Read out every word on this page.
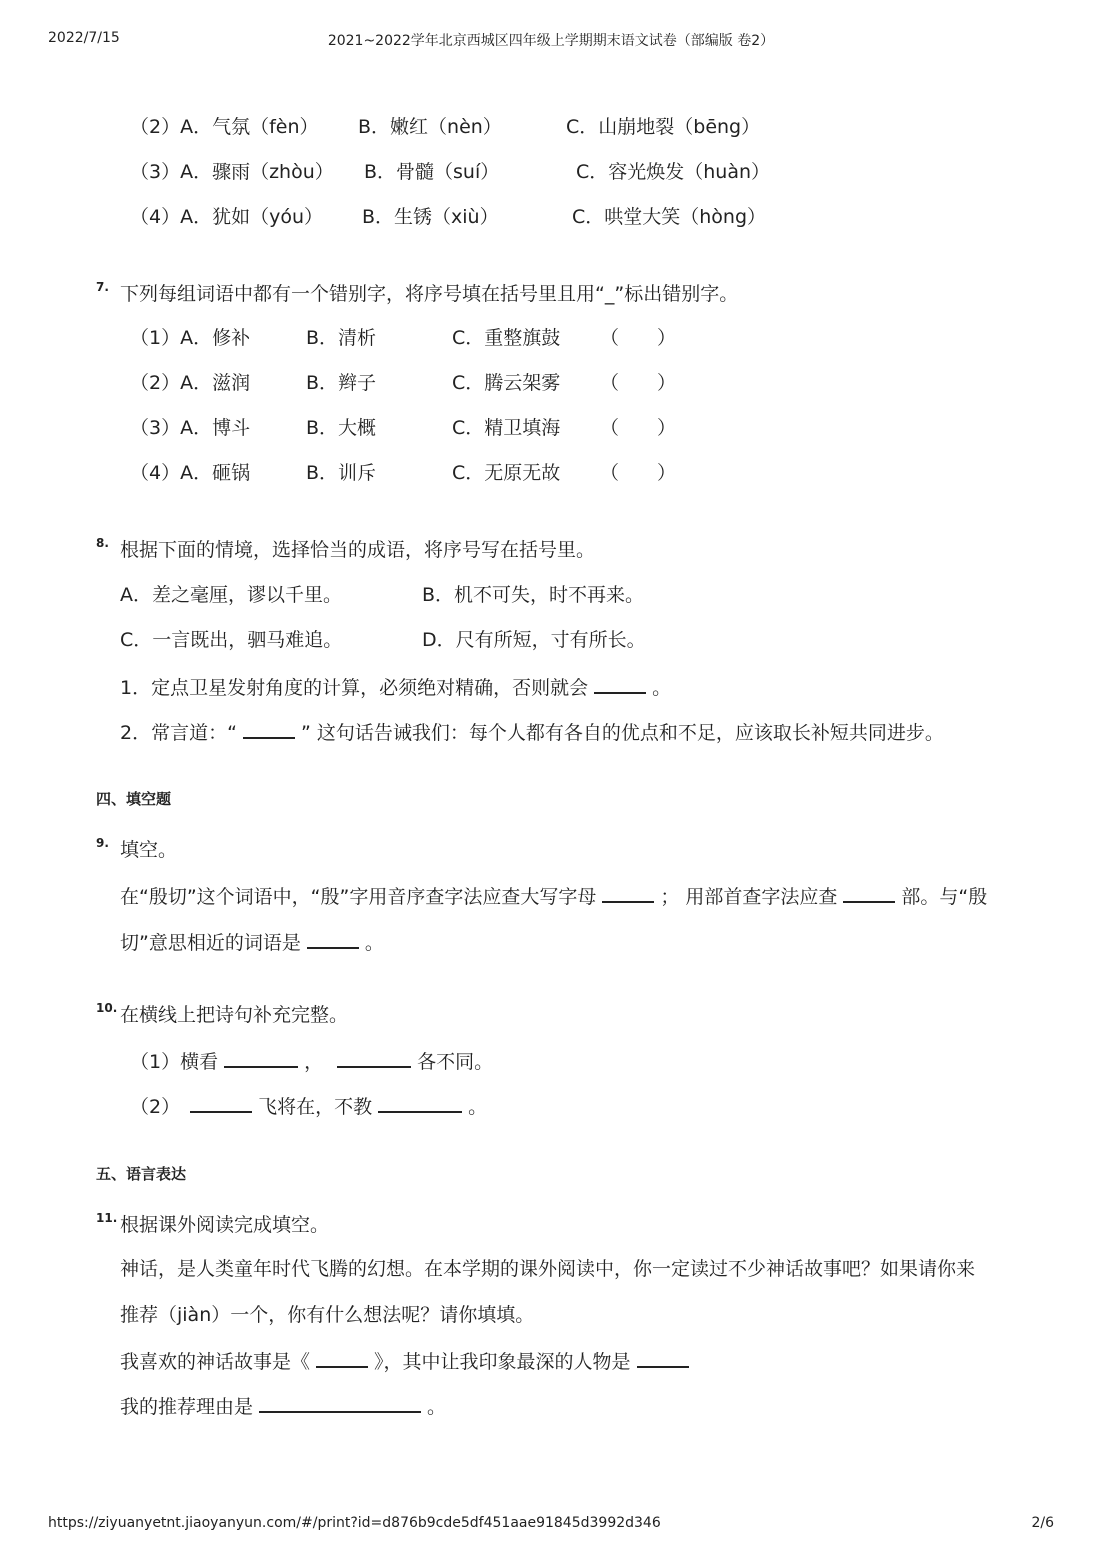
2022/7/15	2021~2022学年北京西城区四年级上学期期末语文试卷（部编版 卷2）
（2）A．气氛（fèn） B．嫩红（nèn）	C．山崩地裂（bēng）
（3）A．骤雨（zhòu） B．骨髓（suí）	C．容光焕发（huàn）
（4）A．犹如（yóu） B．生锈（xiù）	C．哄堂大笑（hòng）
7. 下列每组词语中都有一个错别字，将序号填在括号里且用“_”标出错别字。
（1）A．修补	B．清析	C．重整旗鼓 （　　）
（2）A．滋润	B．辫子	C．腾云架雾 （　　）
（3）A．博斗	B．大概	C．精卫填海 （　　）
（4）A．砸锅	B．训斥	C．无原无故 （　　）
8. 根据下面的情境，选择恰当的成语，将序号写在括号里。
A．差之毫厘，谬以千里。	B．机不可失，时不再来。
C．一言既出，驷马难追。	D．尺有所短，寸有所长。
1．定点卫星发射角度的计算，必须绝对精确，否则就会	。
2．常言道：“	” 这句话告诫我们：每个人都有各自的优点和不足，应该取长补短共同进步。
四、填空题
9. 填空。
在“殷切”这个词语中，“殷”字用音序查字法应查大写字母	； 用部首查字法应查	部。与“殷
切”意思相近的词语是	。
10. 在横线上把诗句补充完整。
（1）横看	，	各不同。
（2）	飞将在，不教	。
五、语言表达
11. 根据课外阅读完成填空。
神话，是人类童年时代飞腾的幻想。在本学期的课外阅读中，你一定读过不少神话故事吧？如果请你来
推荐（jiàn）一个，你有什么想法呢？请你填填。
我喜欢的神话故事是《	》，其中让我印象最深的人物是
我的推荐理由是	。
https://ziyuanyetnt.jiaoyanyun.com/#/print?id=d876b9cde5df451aae91845d3992d346	2/6
